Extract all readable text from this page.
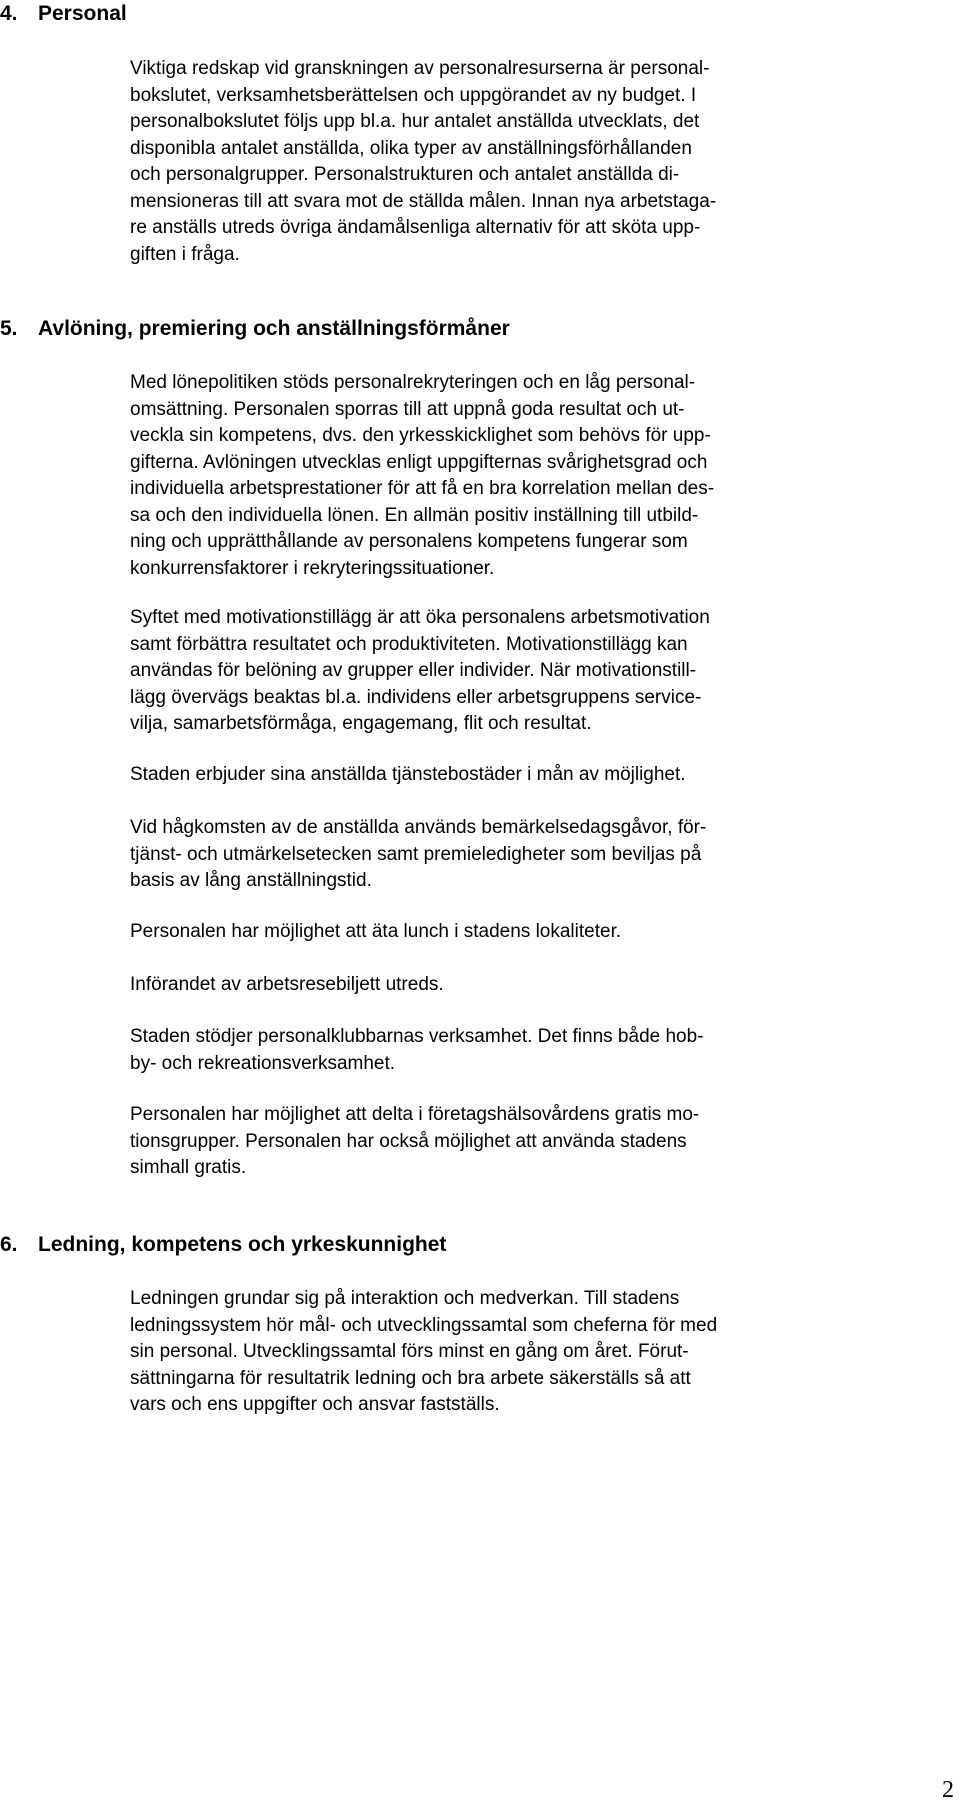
4. Personal
Viktiga redskap vid granskningen av personalresurserna är personal-
bokslutet, verksamhetsberättelsen och uppgörandet av ny budget. I
personalbokslutet följs upp bl.a. hur antalet anställda utvecklats, det
disponibla antalet anställda, olika typer av anställningsförhållanden
och personalgrupper. Personalstrukturen och antalet anställda di-
mensioneras till att svara mot de ställda målen. Innan nya arbetstaga-
re anställs utreds övriga ändamålsenliga alternativ för att sköta upp-
giften i fråga.
5. Avlöning, premiering och anställningsförmåner
Med lönepolitiken stöds personalrekryteringen och en låg personal-
omsättning. Personalen sporras till att uppnå goda resultat och ut-
veckla sin kompetens, dvs. den yrkesskicklighet som behövs för upp-
gifterna. Avlöningen utvecklas enligt uppgifternas svårighetsgrad och
individuella arbetsprestationer för att få en bra korrelation mellan des-
sa och den individuella lönen. En allmän positiv inställning till utbild-
ning och upprätthållande av personalens kompetens fungerar som
konkurrensfaktorer i rekryteringssituationer.
Syftet med motivationstillägg är att öka personalens arbetsmotivation
samt förbättra resultatet och produktiviteten. Motivationstillägg kan
användas för belöning av grupper eller individer. När motivationstill-
lägg övervägs beaktas bl.a. individens eller arbetsgruppens service-
vilja, samarbetsförmåga, engagemang, flit och resultat.
Staden erbjuder sina anställda tjänstebostäder i mån av möjlighet.
Vid hågkomsten av de anställda används bemärkelsedagsgåvor, för-
tjänst- och utmärkelsetecken samt premieledigheter som beviljas på
basis av lång anställningstid.
Personalen har möjlighet att äta lunch i stadens lokaliteter.
Införandet av arbetsresebiljett utreds.
Staden stödjer personalklubbarnas verksamhet. Det finns både hob-
by- och rekreationsverksamhet.
Personalen har möjlighet att delta i företagshälsovårdens gratis mo-
tionsgrupper. Personalen har också möjlighet att använda stadens
simhall gratis.
6. Ledning, kompetens och yrkeskunnighet
Ledningen grundar sig på interaktion och medverkan. Till stadens
ledningssystem hör mål- och utvecklingssamtal som cheferna för med
sin personal. Utvecklingssamtal förs minst en gång om året. Förut-
sättningarna för resultatrik ledning och bra arbete säkerställs så att
vars och ens uppgifter och ansvar fastställs.
2
